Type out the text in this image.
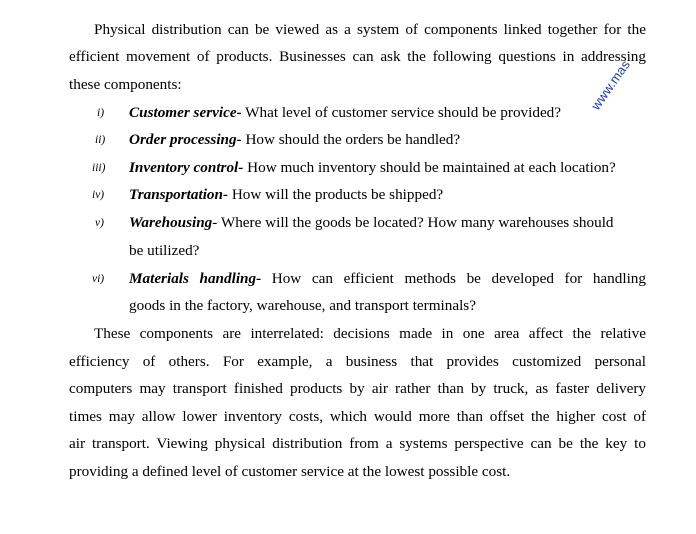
Physical distribution can be viewed as a system of components linked together for the
efficient movement of products. Businesses can ask the following questions in addressing
these components:
i) Customer service- What level of customer service should be provided?
ii) Order processing- How should the orders be handled?
iii) Inventory control- How much inventory should be maintained at each location?
iv) Transportation- How will the products be shipped?
v) Warehousing- Where will the goods be located? How many warehouses should
be utilized?
vi) Materials handling- How can efficient methods be developed for handling
goods in the factory, warehouse, and transport terminals?
These components are interrelated: decisions made in one area affect the relative
efficiency of others. For example, a business that provides customized personal
computers may transport finished products by air rather than by truck, as faster delivery
times may allow lower inventory costs, which would more than offset the higher cost of
air transport. Viewing physical distribution from a systems perspective can be the key to
providing a defined level of customer service at the lowest possible cost.
www.mas
